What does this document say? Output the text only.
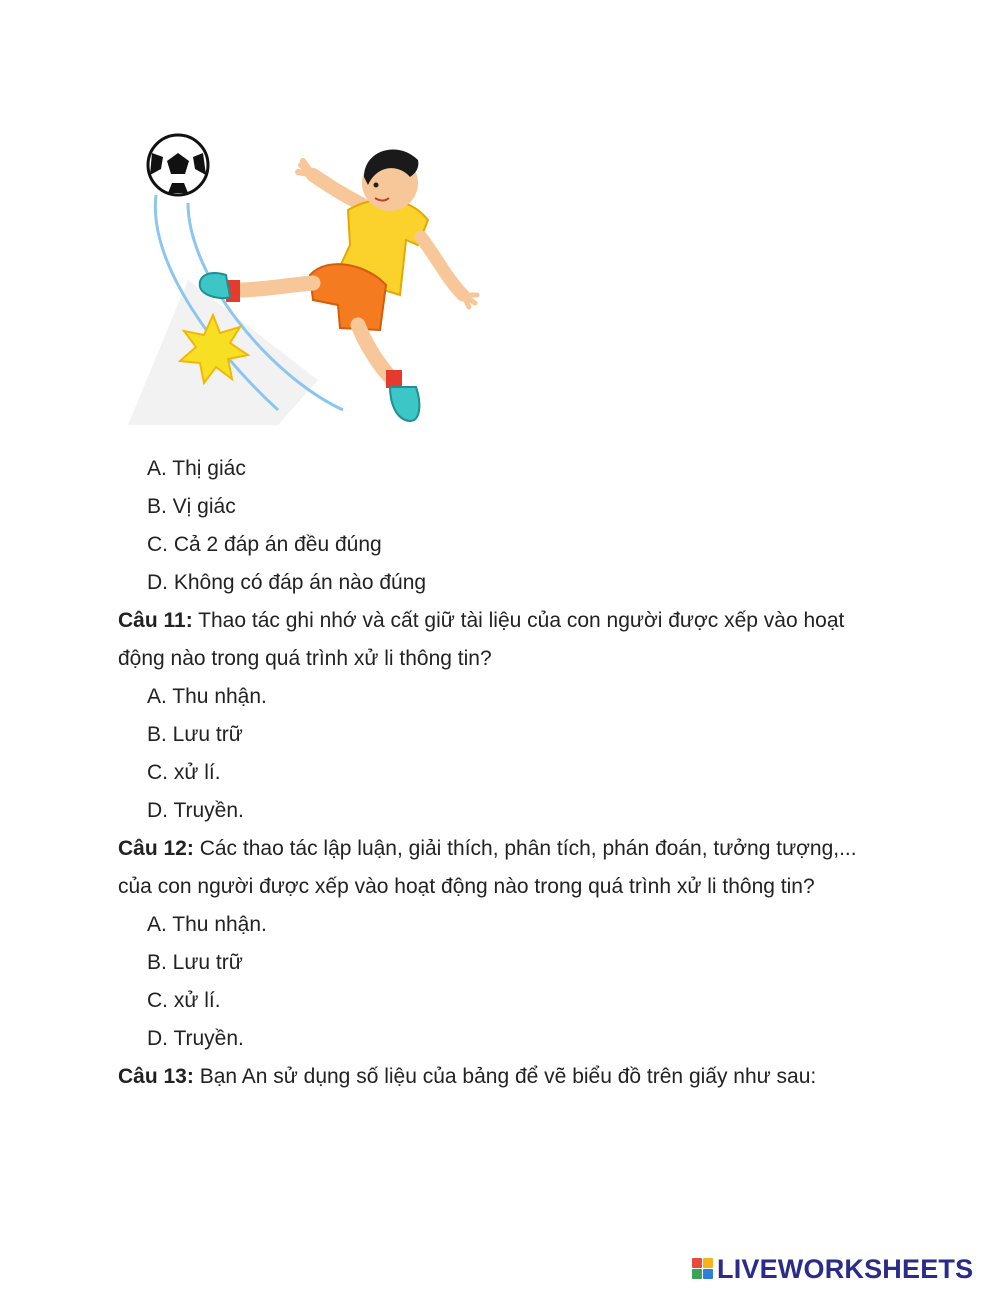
A. Thị giác
B. Vị giác
C. Cả 2 đáp án đều đúng
D. Không có đáp án nào đúng
Câu 11: Thao tác ghi nhớ và cất giữ tài liệu của con người được xếp vào hoạt
động nào trong quá trình xử li thông tin?
A. Thu nhận.
B. Lưu trữ
C. xử lí.
D. Truyền.
Câu 12: Các thao tác lập luận, giải thích, phân tích, phán đoán, tưởng tượng,...
của con người được xếp vào hoạt động nào trong quá trình xử li thông tin?
A. Thu nhận.
B. Lưu trữ
C. xử lí.
D. Truyền.
Câu 13: Bạn An sử dụng số liệu của bảng để vẽ biểu đồ trên giấy như sau:
LIVEWORKSHEETS
